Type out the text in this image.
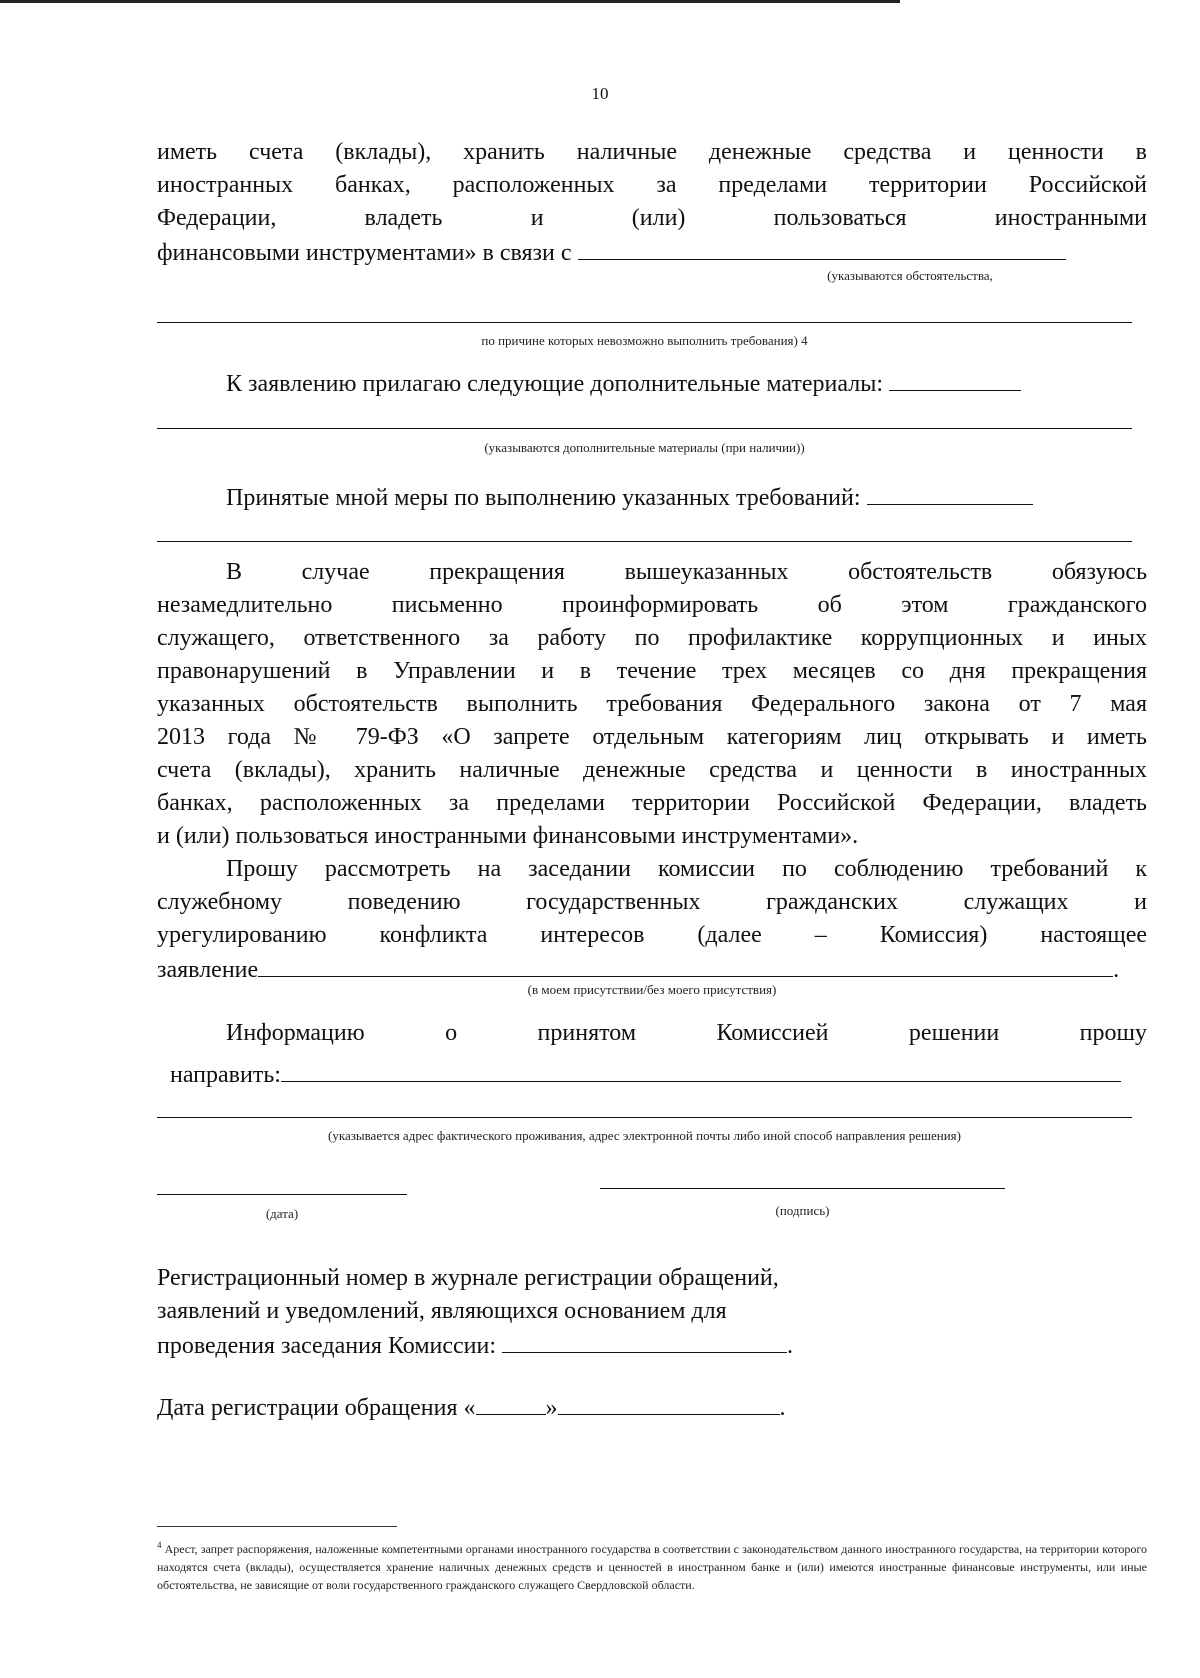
10
иметь счета (вклады), хранить наличные денежные средства и ценности в
иностранных банках, расположенных за пределами территории Российской
Федерации,	владеть	и (или)	пользоваться иностранными
финансовыми инструментами» в связи с
(указываются обстоятельства,
по причине которых невозможно выполнить требования) 4
К заявлению прилагаю следующие дополнительные материалы:
(указываются дополнительные материалы (при наличии))
Принятые мной меры по выполнению указанных требований:
В случае прекращения вышеуказанных обстоятельств обязуюсь
незамедлительно письменно проинформировать об этом гражданского
служащего, ответственного за работу по профилактике коррупционных и иных
правонарушений в Управлении и в течение трех месяцев со дня прекращения
указанных обстоятельств выполнить требования Федерального закона от 7 мая
2013 года № 79-ФЗ «О запрете отдельным категориям лиц открывать и иметь
счета (вклады), хранить наличные денежные средства и ценности в иностранных
банках, расположенных за пределами территории Российской Федерации, владеть
и (или) пользоваться иностранными финансовыми инструментами».
Прошу рассмотреть на заседании комиссии по соблюдению требований к
служебному поведению государственных гражданских служащих и
урегулированию конфликта интересов (далее – Комиссия) настоящее
заявление	.
(в моем присутствии/без моего присутствия)
Информацию о принятом Комиссией решении прошу
направить:
(указывается адрес фактического проживания, адрес электронной почты либо иной способ направления решения)
(дата)	(подпись)
Регистрационный номер в журнале регистрации обращений,
заявлений и уведомлений, являющихся основанием для
проведения заседания Комиссии:	.
Дата регистрации обращения «	»	.
$^4$ Арест, запрет распоряжения, наложенные компетентными органами иностранного государства в соответствии с законодательством данного иностранного государства, на территории которого находятся счета (вклады), осуществляется хранение наличных денежных средств и ценностей в иностранном банке и (или) имеются иностранные финансовые инструменты, или иные обстоятельства, не зависящие от воли государственного гражданского служащего Свердловской области.
